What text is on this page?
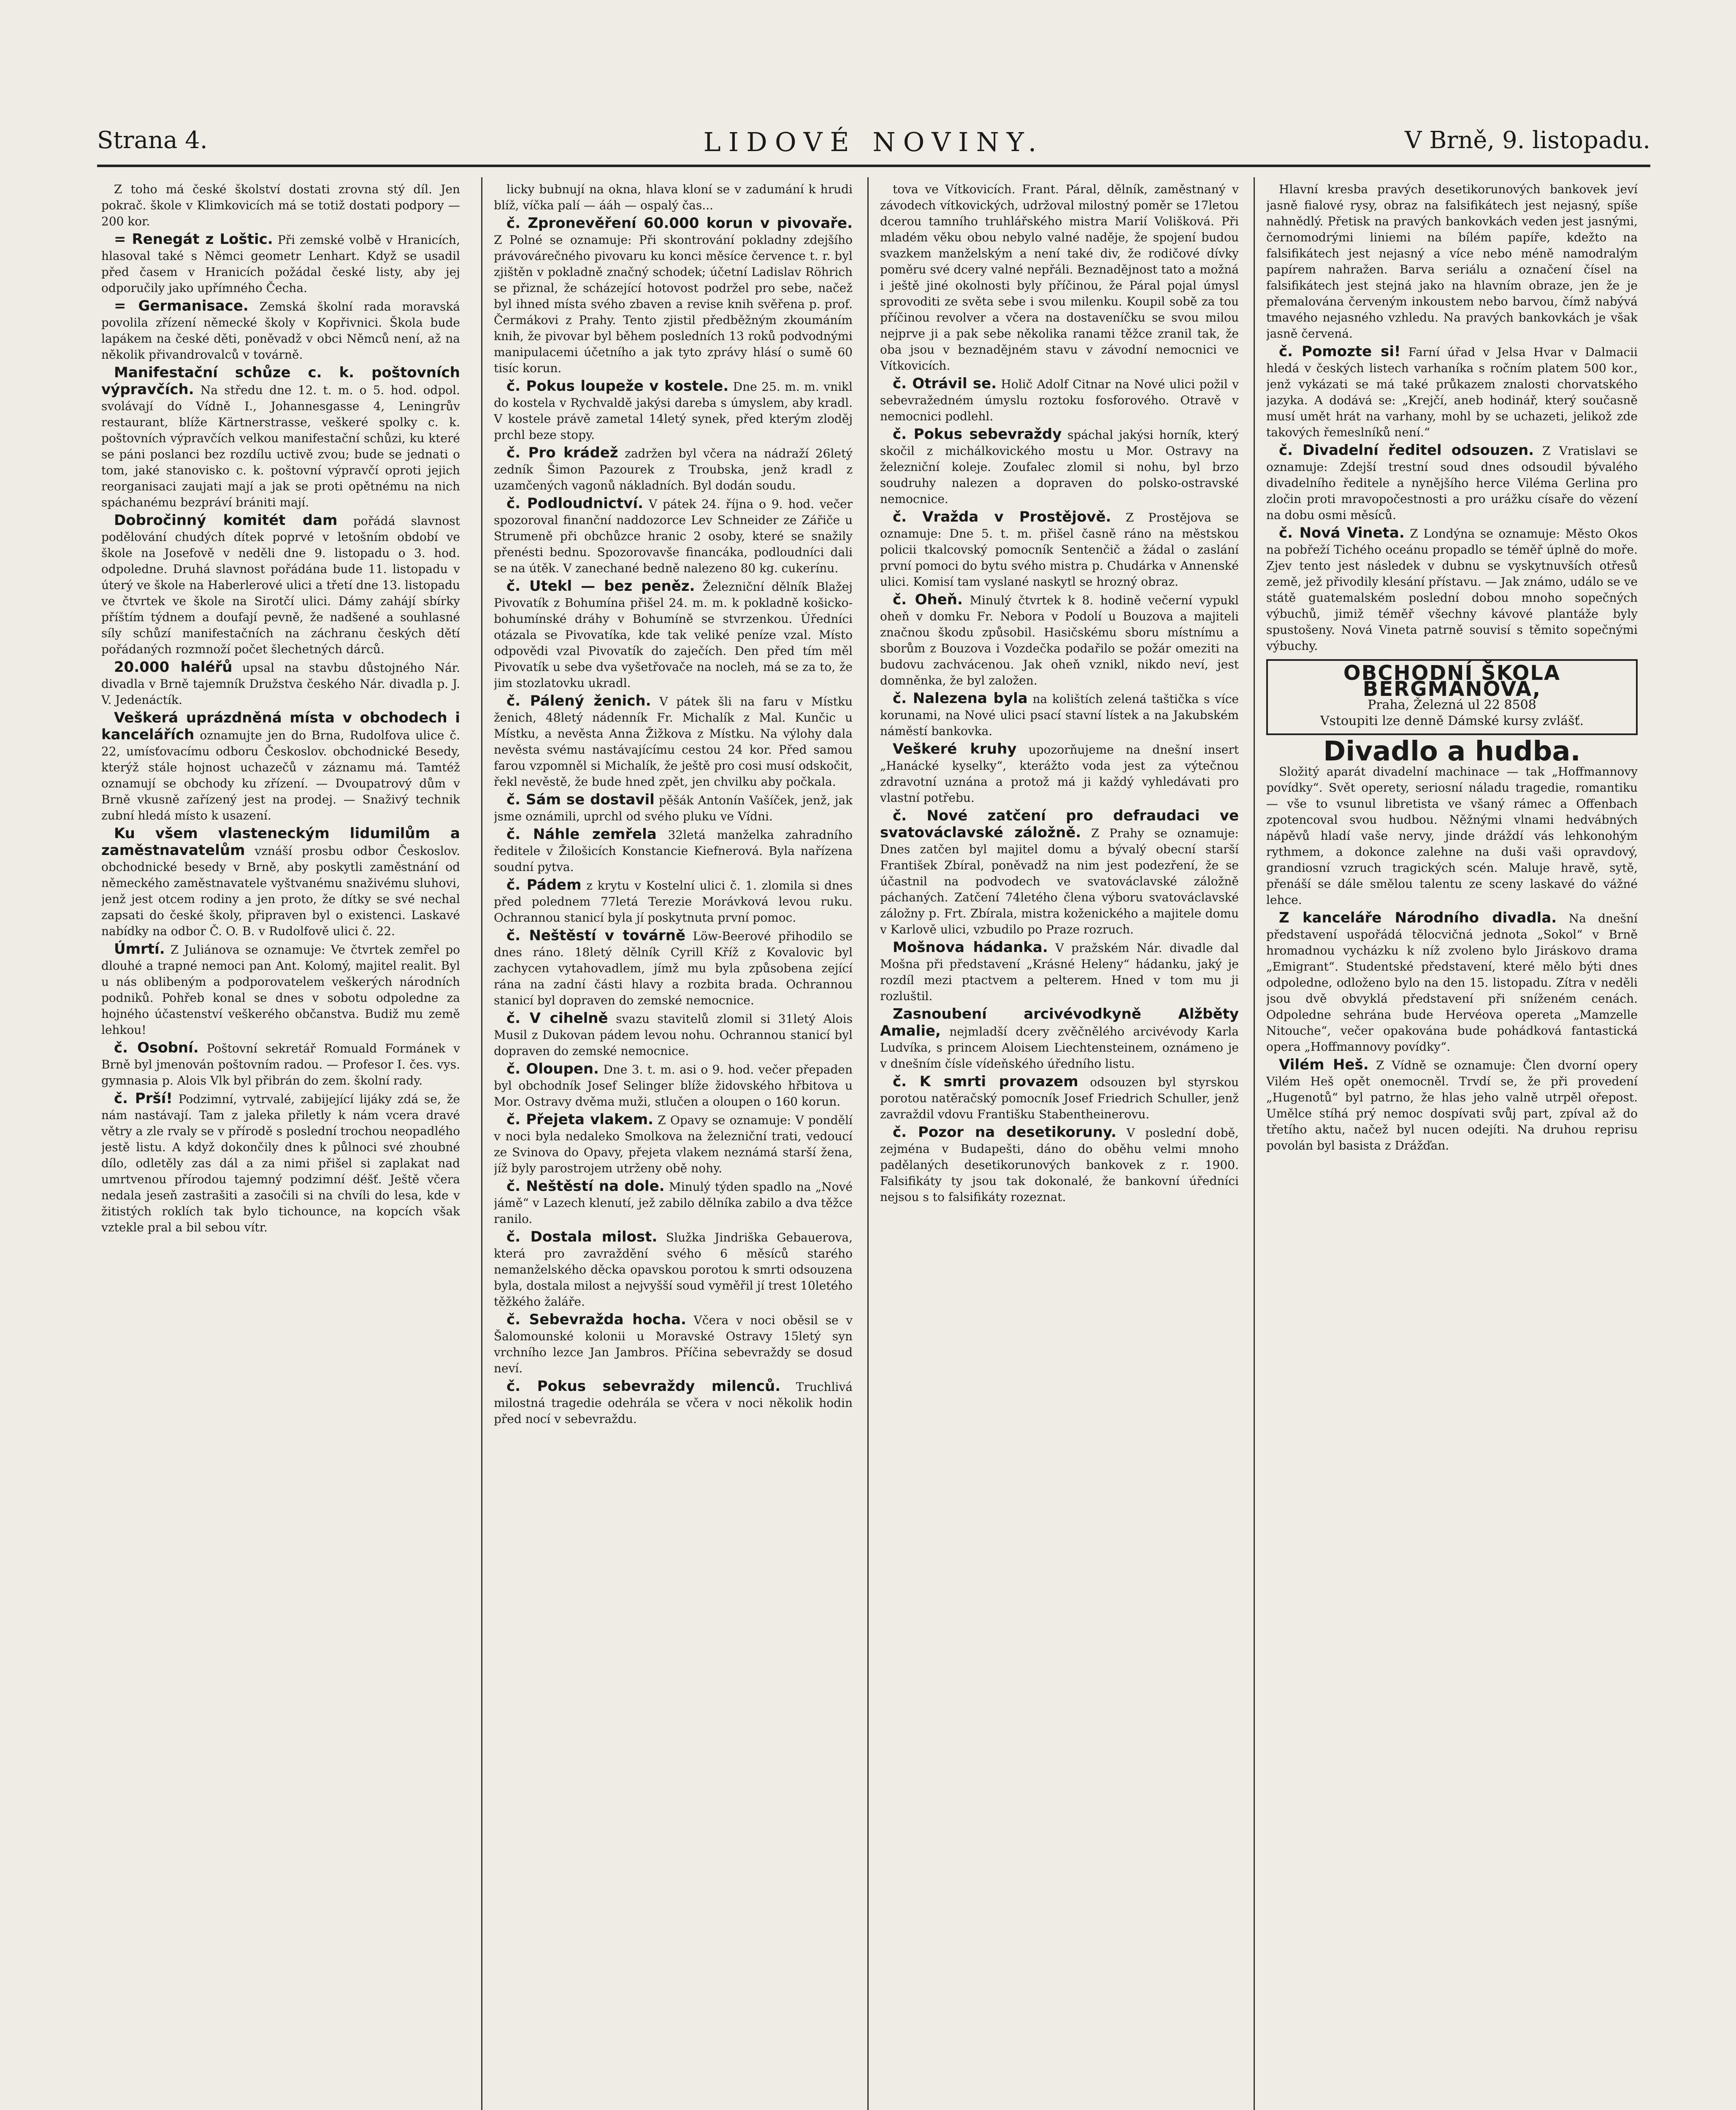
Strana 4.	LIDOVÉ NOVINY.	V Brně, 9. listopadu.

Z toho má české školství dostati zrovna stý díl. Jen pokrač. škole v Klimkovicích má se totiž dostati podpory — 200 kor.

= Renegát z Loštic. Při zemské volbě v Hranicích, hlasoval také s Němci geometr Lenhart. Když se usadil před časem v Hranicích požádal české listy, aby jej odporučily jako upřímného Čecha.

= Germanisace. Zemská školní rada moravská povolila zřízení německé školy v Kopřivnici. Škola bude lapákem na české děti, poněvadž v obci Němců není, až na několik přivandrovalců v továrně.

Manifestační schůze c. k. poštovních výpravčích. Na středu dne 12. t. m. o 5. hod. odpol. svolávají do Vídně I., Johannesgasse 4, Leningrův restaurant, blíže Kärtnerstrasse, veškeré spolky c. k. poštovních výpravčích velkou manifestační schůzi, ku které se páni poslanci bez rozdílu uctivě zvou; bude se jednati o tom, jaké stanovisko c. k. poštovní výpravčí oproti jejich reorganisaci zaujati mají a jak se proti opětnému na nich spáchanému bezpráví brániti mají.

Dobročinný komitét dam pořádá slavnost podělování chudých dítek poprvé v letošním období ve škole na Josefově v neděli dne 9. listopadu o 3. hod. odpoledne. Druhá slavnost pořádána bude 11. listopadu v úterý ve škole na Haberlerové ulici a třetí dne 13. listopadu ve čtvrtek ve škole na Sirotčí ulici. Dámy zahájí sbírky příštím týdnem a doufají pevně, že nadšené a souhlasné síly schůzí manifestačních na záchranu českých dětí pořádaných rozmnoží počet šlechetných dárců.

20.000 haléřů upsal na stavbu důstojného Nár. divadla v Brně tajemník Družstva českého Nár. divadla p. J. V. Jedenáctík.

Veškerá uprázdněná místa v obchodech i kancelářích oznamujte jen do Brna, Rudolfova ulice č. 22, umísťovacímu odboru Českoslov. obchodnické Besedy, kterýž stále hojnost uchazečů v záznamu má. Tamtéž oznamují se obchody ku zřízení. — Dvoupatrový dům v Brně vkusně zařízený jest na prodej. — Snaživý technik zubní hledá místo k usazení.

Ku všem vlasteneckým lidumilům a zaměstnavatelům vznáší prosbu odbor Českoslov. obchodnické besedy v Brně, aby poskytli zaměstnání od německého zaměstnavatele vyštvanému snaživému sluhovi, jenž jest otcem rodiny a jen proto, že dítky se své nechal zapsati do české školy, připraven byl o existenci. Laskavé nabídky na odbor Č. O. B. v Rudolfově ulici č. 22.

Úmrtí. Z Juliánova se oznamuje: Ve čtvrtek zemřel po dlouhé a trapné nemoci pan Ant. Kolomý, majitel realit. Byl u nás oblibeným a podporovatelem veškerých národních podniků. Pohřeb konal se dnes v sobotu odpoledne za hojného účastenství veškerého občanstva. Budiž mu země lehkou!

č. Osobní. Poštovní sekretář Romuald Formánek v Brně byl jmenován poštovním radou. — Profesor I. čes. vys. gymnasia p. Alois Vlk byl přibrán do zem. školní rady.

č. Prší! Podzimní, vytrvalé, zabijející lijáky zdá se, že nám nastávají. Tam z jaleka přiletly k nám vcera dravé větry a zle rvaly se v přírodě s poslední trochou neopadlého jestě listu. A když dokončily dnes k půlnoci své zhoubné dílo, odletěly zas dál a za nimi přišel si zaplakat nad umrtvenou přírodou tajemný podzimní déšť. Ještě včera nedala jeseň zastrašiti a zasočili si na chvíli do lesa, kde v žitistých roklích tak bylo tichounce, na kopcích však vztekle pral a bil sebou vítr.

licky bubnují na okna, hlava kloní se v zadumání k hrudi blíž, víčka palí — ááh — ospalý čas...

č. Zpronevěření 60.000 korun v pivovaře. Z Polné se oznamuje: Při skontrování pokladny zdejšího právovárečného pivovaru ku konci měsíce července t. r. byl zjištěn v pokladně značný schodek; účetní Ladislav Röhrich se přiznal, že scházející hotovost podržel pro sebe, načež byl ihned místa svého zbaven a revise knih svěřena p. prof. Čermákovi z Prahy. Tento zjistil předběžným zkoumáním knih, že pivovar byl během posledních 13 roků podvodnými manipulacemi účetního a jak tyto zprávy hlásí o sumě 60 tisíc korun.

č. Pokus loupeže v kostele. Dne 25. m. m. vnikl do kostela v Rychvaldě jakýsi dareba s úmyslem, aby kradl. V kostele právě zametal 14letý synek, před kterým zloděj prchl beze stopy.

č. Pro krádež zadržen byl včera na nádraží 26letý zedník Šimon Pazourek z Troubska, jenž kradl z uzamčených vagonů nákladních. Byl dodán soudu.

č. Podloudnictví. V pátek 24. října o 9. hod. večer spozoroval finanční naddozorce Lev Schneider ze Zářiče u Strumeně při obchůzce hranic 2 osoby, které se snažily přenésti bednu. Spozorovavše financáka, podloudníci dali se na útěk. V zanechané bedně nalezeno 80 kg. cukerínu.

č. Utekl — bez peněz. Železniční dělník Blažej Pivovatík z Bohumína přišel 24. m. m. k pokladně košicko-bohumínské dráhy v Bohumíně se stvrzenkou. Úředníci otázala se Pivovatíka, kde tak veliké peníze vzal. Místo odpovědi vzal Pivovatík do zaječích. Den před tím měl Pivovatík u sebe dva vyšetřovače na nocleh, má se za to, že jim stozlatovku ukradl.

č. Pálený ženich. V pátek šli na faru v Místku ženich, 48letý nádenník Fr. Michalík z Mal. Kunčic u Místku, a nevěsta Anna Žižkova z Místku. Na výlohy dala nevěsta svému nastávajícímu cestou 24 kor. Před samou farou vzpomněl si Michalík, že ještě pro cosi musí odskočit, řekl nevěstě, že bude hned zpět, jen chvilku aby počkala.

č. Sám se dostavil pěšák Antonín Vašíček, jenž, jak jsme oznámili, uprchl od svého pluku ve Vídni.

č. Náhle zemřela 32letá manželka zahradního ředitele v Žilošicích Konstancie Kiefnerová. Byla nařízena soudní pytva.

č. Pádem z krytu v Kostelní ulici č. 1. zlomila si dnes před polednem 77letá Terezie Morávková levou ruku. Ochrannou stanicí byla jí poskytnuta první pomoc.

č. Neštěstí v továrně Löw-Beerové přihodilo se dnes ráno. 18letý dělník Cyrill Kříž z Kovalovic byl zachycen vytahovadlem, jímž mu byla způsobena zející rána na zadní části hlavy a rozbita brada. Ochrannou stanicí byl dopraven do zemské nemocnice.

č. V cihelně svazu stavitelů zlomil si 31letý Alois Musil z Dukovan pádem levou nohu. Ochrannou stanicí byl dopraven do zemské nemocnice.

č. Oloupen. Dne 3. t. m. asi o 9. hod. večer přepaden byl obchodník Josef Selinger blíže židovského hřbitova u Mor. Ostravy dvěma muži, stlučen a oloupen o 160 korun.

č. Přejeta vlakem. Z Opavy se oznamuje: V pondělí v noci byla nedaleko Smolkova na železniční trati, vedoucí ze Svinova do Opavy, přejeta vlakem neznámá starší žena, jíž byly parostrojem utrženy obě nohy.

č. Neštěstí na dole. Minulý týden spadlo na „Nové jámě“ v Lazech klenutí, jež zabilo dělníka zabilo a dva těžce ranilo.

č. Dostala milost. Služka Jindriška Gebauerova, která pro zavraždění svého 6 měsíců starého nemanželského děcka opavskou porotou k smrti odsouzena byla, dostala milost a nejvyšší soud vyměřil jí trest 10letého těžkého žaláře.

č. Sebevražda hocha. Včera v noci oběsil se v Šalomounské kolonii u Moravské Ostravy 15letý syn vrchního lezce Jan Jambros. Příčina sebevraždy se dosud neví.

č. Pokus sebevraždy milenců. Truchlivá milostná tragedie odehrála se včera v noci několik hodin před nocí v sebevraždu.

tova ve Vítkovicích. Frant. Páral, dělník, zaměstnaný v závodech vítkovických, udržoval milostný poměr se 17letou dcerou tamního truhlářského mistra Marií Volišková. Při mladém věku obou nebylo valné naděje, že spojení budou svazkem manželským a není také div, že rodičové dívky poměru své dcery valné nepřáli. Beznadějnost tato a možná i ještě jiné okolnosti byly příčinou, že Páral pojal úmysl sprovoditi ze světa sebe i svou milenku. Koupil sobě za tou příčinou revolver a včera na dostaveníčku se svou milou nejprve ji a pak sebe několika ranami těžce zranil tak, že oba jsou v beznadějném stavu v závodní nemocnici ve Vítkovicích.

č. Otrávil se. Holič Adolf Citnar na Nové ulici požil v sebevražedném úmyslu roztoku fosforového. Otravě v nemocnici podlehl.

č. Pokus sebevraždy spáchal jakýsi horník, který skočil z michálkovického mostu u Mor. Ostravy na železniční koleje. Zoufalec zlomil si nohu, byl brzo soudruhy nalezen a dopraven do polsko-ostravské nemocnice.

č. Vražda v Prostějově. Z Prostějova se oznamuje: Dne 5. t. m. přišel časně ráno na městskou policii tkalcovský pomocník Sentenčič a žádal o zaslání první pomoci do bytu svého mistra p. Chudárka v Annenské ulici. Komisí tam vyslané naskytl se hrozný obraz.

č. Oheň. Minulý čtvrtek k 8. hodině večerní vypukl oheň v domku Fr. Nebora v Podolí u Bouzova a majiteli značnou škodu způsobil. Hasičskému sboru místnímu a sborům z Bouzova i Vozdečka podařilo se požár omeziti na budovu zachvácenou. Jak oheň vznikl, nikdo neví, jest domněnka, že byl založen.

č. Nalezena byla na kolištích zelená taštička s více korunami, na Nové ulici psací stavní lístek a na Jakubském náměstí bankovka.

Veškeré kruhy upozorňujeme na dnešní insert „Hanácké kyselky“, kterážto voda jest za výtečnou zdravotní uznána a protož má ji každý vyhledávati pro vlastní potřebu.

č. Nové zatčení pro defraudaci ve svatováclavské záložně. Z Prahy se oznamuje: Dnes zatčen byl majitel domu a bývalý obecní starší František Zbíral, poněvadž na nim jest podezření, že se účastnil na podvodech ve svatováclavské záložně páchaných. Zatčení 74letého člena výboru svatováclavské záložny p. Frt. Zbírala, mistra koženického a majitele domu v Karlově ulici, vzbudilo po Praze rozruch.

Mošnova hádanka. V pražském Nár. divadle dal Mošna při představení „Krásné Heleny“ hádanku, jaký je rozdíl mezi ptactvem a pelterem. Hned v tom mu ji rozluštil.

Zasnoubení arcivévodkyně Alžběty Amalie, nejmladší dcery zvěčnělého arcivévody Karla Ludvíka, s princem Aloisem Liechtensteinem, oznámeno je v dnešním čísle vídeňského úředního listu.

č. K smrti provazem odsouzen byl styrskou porotou natěračský pomocník Josef Friedrich Schuller, jenž zavraždil vdovu Františku Stabentheinerovu.

č. Pozor na desetikoruny. V poslední době, zejména v Budapešti, dáno do oběhu velmi mnoho padělaných desetikorunových bankovek z r. 1900. Falsifikáty ty jsou tak dokonalé, že bankovní úředníci nejsou s to falsifikáty rozeznat.

Hlavní kresba pravých desetikorunových bankovek jeví jasně fialové rysy, obraz na falsifikátech jest nejasný, spíše nahnědlý. Přetisk na pravých bankovkách veden jest jasnými, černomodrými liniemi na bílém papíře, kdežto na falsifikátech jest nejasný a více nebo méně namodralým papírem nahražen. Barva seriálu a označení čísel na falsifikátech jest stejná jako na hlavním obraze, jen že je přemalována červeným inkoustem nebo barvou, čímž nabývá tmavého nejasného vzhledu. Na pravých bankovkách je však jasně červená.

č. Pomozte si! Farní úřad v Jelsa Hvar v Dalmacii hledá v českých listech varhaníka s ročním platem 500 kor., jenž vykázati se má také průkazem znalosti chorvatského jazyka. A dodává se: „Krejčí, aneb hodinář, který současně musí umět hrát na varhany, mohl by se uchazeti, jelikož zde takových řemeslníků není.“

č. Divadelní ředitel odsouzen. Z Vratislavi se oznamuje: Zdejší trestní soud dnes odsoudil bývalého divadelního ředitele a nynějšího herce Viléma Gerlina pro zločin proti mravopočestnosti a pro urážku císaře do vězení na dobu osmi měsíců.

č. Nová Vineta. Z Londýna se oznamuje: Město Okos na pobřeží Tichého oceánu propadlo se téměř úplně do moře. Zjev tento jest následek v dubnu se vyskytnuvších otřesů země, jež přivodily klesání přístavu. — Jak známo, událo se ve státě guatemalském poslední dobou mnoho sopečných výbuchů, jimiž téměř všechny kávové plantáže byly spustošeny. Nová Vineta patrně souvisí s těmito sopečnými výbuchy.

OBCHODNÍ ŠKOLA BERGMANOVA,
Praha, Železná ul 22 8508
Vstoupiti lze denně Dámské kursy zvlášť.
Divadlo a hudba.

Složitý aparát divadelní machinace — tak „Hoffmannovy povídky“. Svět operety, seriosní náladu tragedie, romantiku — vše to vsunul libretista ve všaný rámec a Offenbach zpotencoval svou hudbou. Něžnými vlnami hedvábných nápěvů hladí vaše nervy, jinde dráždí vás lehkonohým rythmem, a dokonce zalehne na duši vaši opravdový, grandiosní vzruch tragických scén. Maluje hravě, sytě, přenáší se dále smělou talentu ze sceny laskavé do vážné lehce.

Z kanceláře Národního divadla. Na dnešní představení uspořádá tělocvičná jednota „Sokol“ v Brně hromadnou vycházku k níž zvoleno bylo Jiráskovo drama „Emigrant“. Studentské představení, které mělo býti dnes odpoledne, odloženo bylo na den 15. listopadu. Zítra v neděli jsou dvě obvyklá představení při sníženém cenách. Odpoledne sehrána bude Hervéova opereta „Mamzelle Nitouche“, večer opakována bude pohádková fantastická opera „Hoffmannovy povídky“.

Vilém Heš. Z Vídně se oznamuje: Člen dvorní opery Vilém Heš opět onemocněl. Trvdí se, že při provedení „Hugenotů“ byl patrno, že hlas jeho valně utrpěl ořepost. Umělce stíhá prý nemoc dospívati svůj part, zpíval až do třetího aktu, načež byl nucen odejíti. Na druhou reprisu povolán byl basista z Drážďan.
